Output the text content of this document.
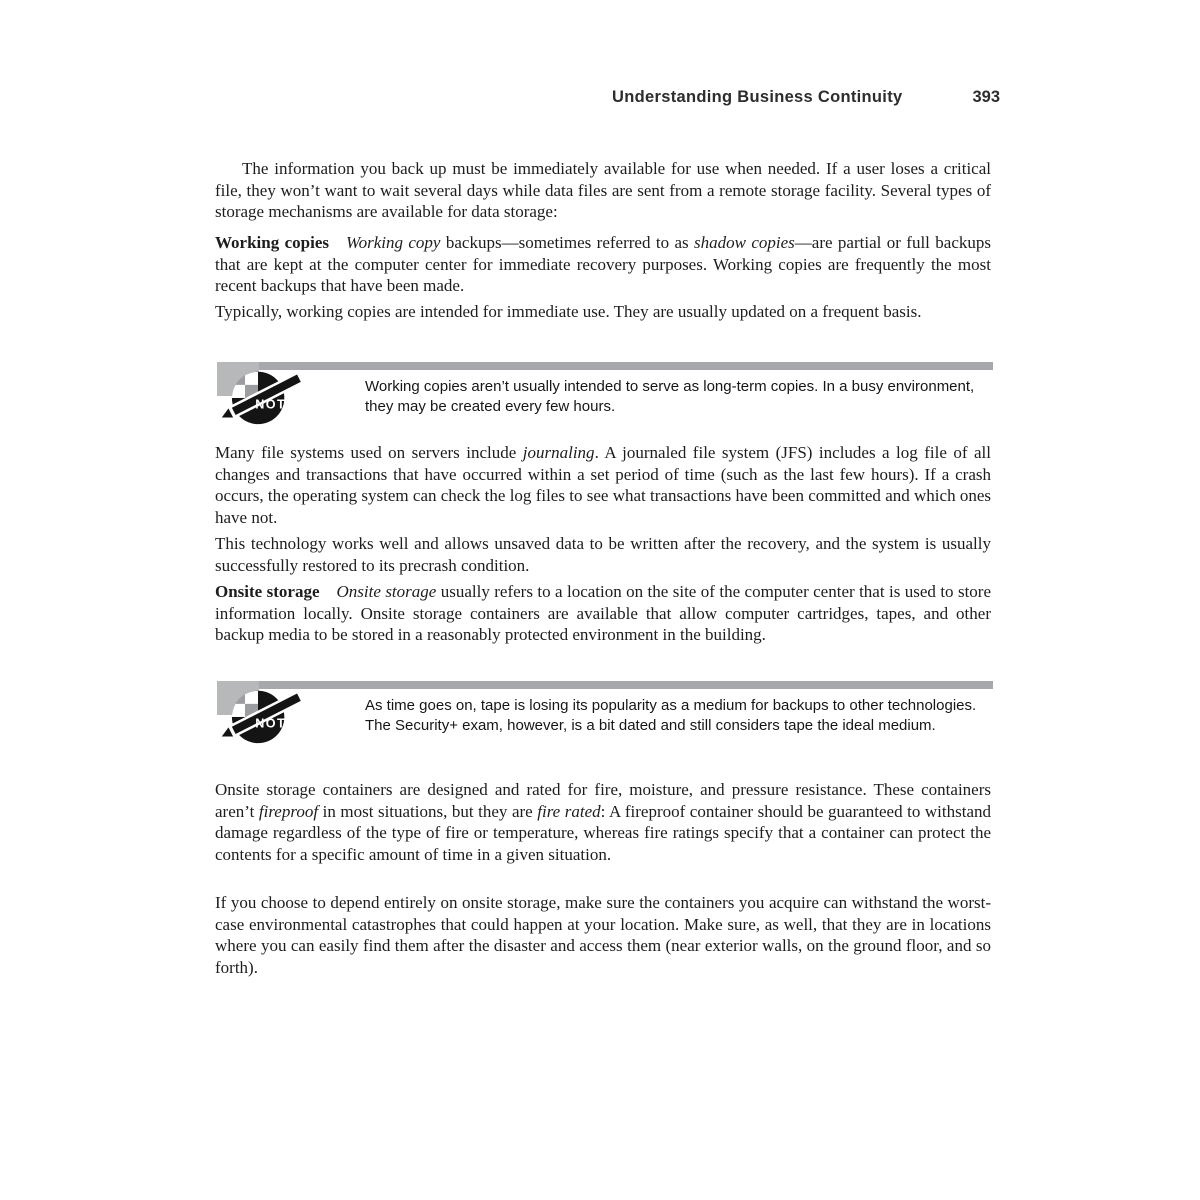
Understanding Business Continuity	393
The information you back up must be immediately available for use when needed. If a user loses a critical file, they won’t want to wait several days while data files are sent from a remote storage facility. Several types of storage mechanisms are available for data storage:
Working copies  Working copy backups—sometimes referred to as shadow copies—are partial or full backups that are kept at the computer center for immediate recovery purposes. Working copies are frequently the most recent backups that have been made.
Typically, working copies are intended for immediate use. They are usually updated on a frequent basis.
NOTE
Working copies aren’t usually intended to serve as long-term copies. In a busy environment, they may be created every few hours.
Many file systems used on servers include journaling. A journaled file system (JFS) includes a log file of all changes and transactions that have occurred within a set period of time (such as the last few hours). If a crash occurs, the operating system can check the log files to see what transactions have been committed and which ones have not.
This technology works well and allows unsaved data to be written after the recovery, and the system is usually successfully restored to its precrash condition.
Onsite storage  Onsite storage usually refers to a location on the site of the computer center that is used to store information locally. Onsite storage containers are available that allow computer cartridges, tapes, and other backup media to be stored in a reasonably protected environment in the building.
NOTE
As time goes on, tape is losing its popularity as a medium for backups to other technologies. The Security+ exam, however, is a bit dated and still considers tape the ideal medium.
Onsite storage containers are designed and rated for fire, moisture, and pressure resistance. These containers aren’t fireproof in most situations, but they are fire rated: A fireproof container should be guaranteed to withstand damage regardless of the type of fire or temperature, whereas fire ratings specify that a container can protect the contents for a specific amount of time in a given situation.
If you choose to depend entirely on onsite storage, make sure the containers you acquire can withstand the worst-case environmental catastrophes that could happen at your location. Make sure, as well, that they are in locations where you can easily find them after the disaster and access them (near exterior walls, on the ground floor, and so forth).
